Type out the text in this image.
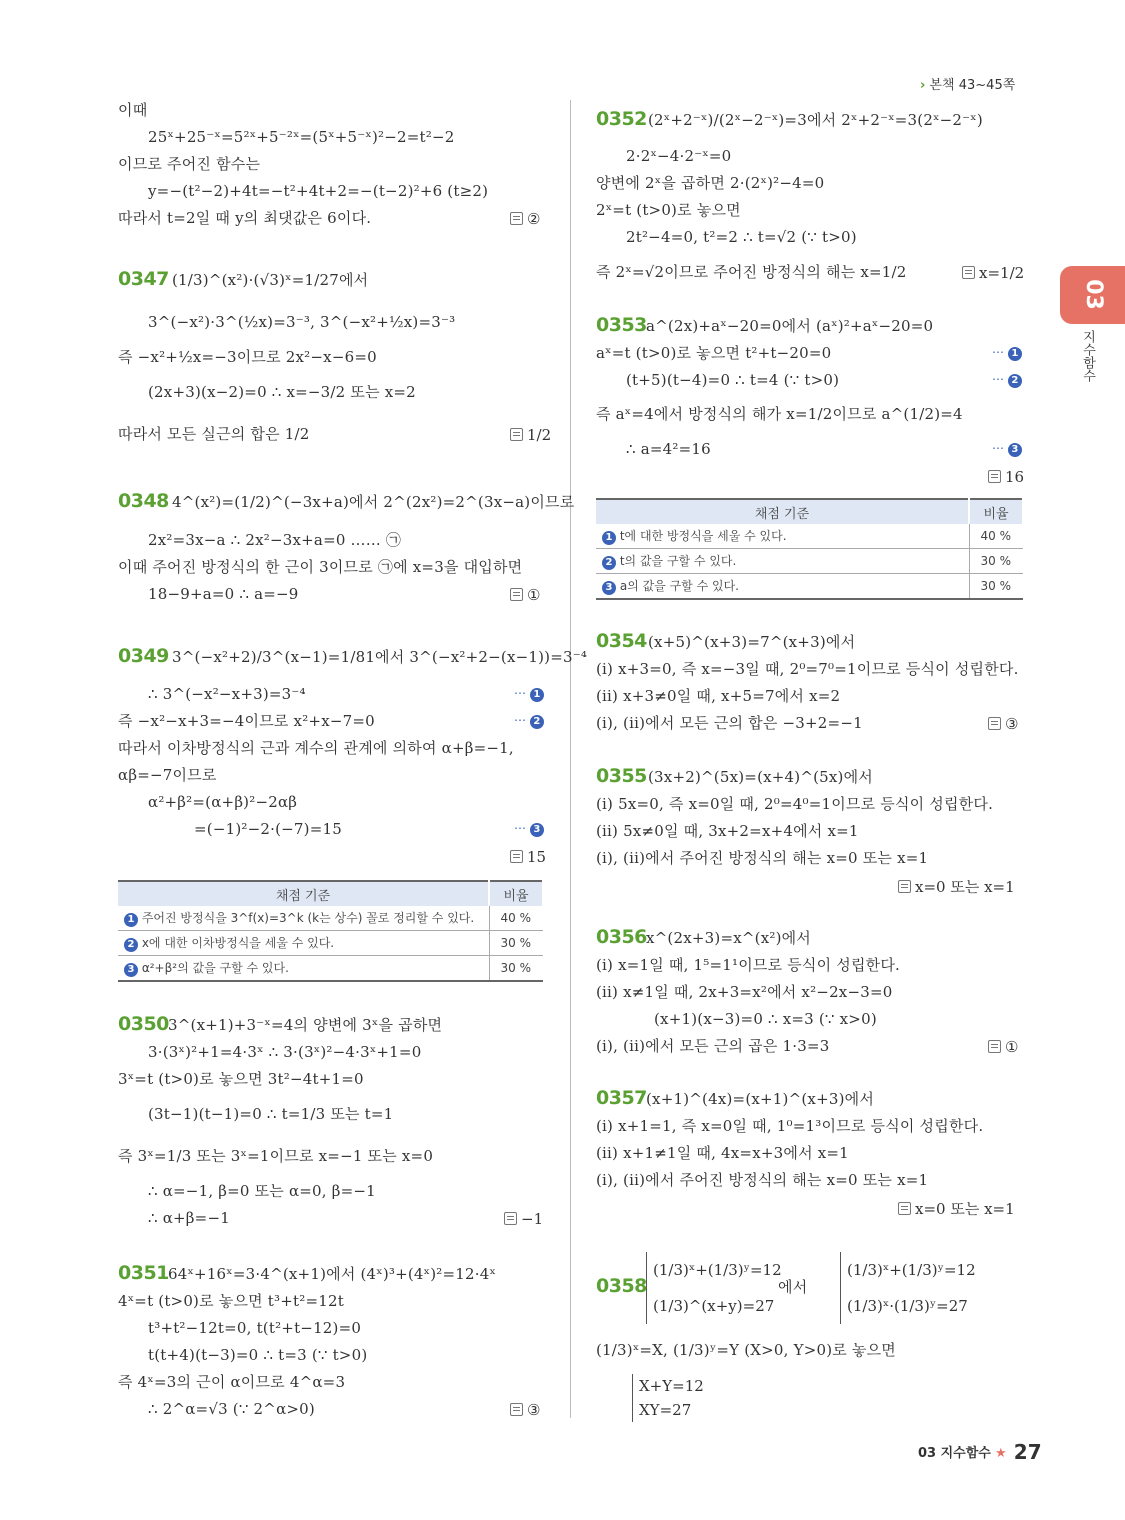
› 본책 43~45쪽
03
지수함수
이때
25ˣ+25⁻ˣ=5²ˣ+5⁻²ˣ=(5ˣ+5⁻ˣ)²−2=t²−2
이므로 주어진 함수는
y=−(t²−2)+4t=−t²+4t+2=−(t−2)²+6 (t≥2)
따라서 t=2일 때 y의 최댓값은 6이다.	②
0347 (1/3)^(x²)·(√3)ˣ=1/27에서
3^(−x²)·3^(½x)=3⁻³, 3^(−x²+½x)=3⁻³
즉 −x²+½x=−3이므로 2x²−x−6=0
(2x+3)(x−2)=0 ∴ x=−3/2 또는 x=2
따라서 모든 실근의 합은 1/2	1/2
0348 4^(x²)=(1/2)^(−3x+a)에서 2^(2x²)=2^(3x−a)이므로
2x²=3x−a ∴ 2x²−3x+a=0 …… ㉠
이때 주어진 방정식의 한 근이 3이므로 ㉠에 x=3을 대입하면
18−9+a=0 ∴ a=−9	①
0349 3^(−x²+2)/3^(x−1)=1/81에서 3^(−x²+2−(x−1))=3⁻⁴
∴ 3^(−x²−x+3)=3⁻⁴	⋯ 1
즉 −x²−x+3=−4이므로 x²+x−7=0	⋯ 2
따라서 이차방정식의 근과 계수의 관계에 의하여 α+β=−1,
αβ=−7이므로
α²+β²=(α+β)²−2αβ
=(−1)²−2·(−7)=15	⋯ 3
15
채점 기준	비율
1 주어진 방정식을 3^f(x)=3^k (k는 상수) 꼴로 정리할 수 있다.	40 %
2 x에 대한 이차방정식을 세울 수 있다.	30 %
3 α²+β²의 값을 구할 수 있다.	30 %
0350 3^(x+1)+3⁻ˣ=4의 양변에 3ˣ을 곱하면
3·(3ˣ)²+1=4·3ˣ ∴ 3·(3ˣ)²−4·3ˣ+1=0
3ˣ=t (t>0)로 놓으면 3t²−4t+1=0
(3t−1)(t−1)=0 ∴ t=1/3 또는 t=1
즉 3ˣ=1/3 또는 3ˣ=1이므로 x=−1 또는 x=0
∴ α=−1, β=0 또는 α=0, β=−1
∴ α+β=−1	−1
0351 64ˣ+16ˣ=3·4^(x+1)에서 (4ˣ)³+(4ˣ)²=12·4ˣ
4ˣ=t (t>0)로 놓으면 t³+t²=12t
t³+t²−12t=0, t(t²+t−12)=0
t(t+4)(t−3)=0 ∴ t=3 (∵ t>0)
즉 4ˣ=3의 근이 α이므로 4^α=3
∴ 2^α=√3 (∵ 2^α>0)	③
0352 (2ˣ+2⁻ˣ)/(2ˣ−2⁻ˣ)=3에서 2ˣ+2⁻ˣ=3(2ˣ−2⁻ˣ)
2·2ˣ−4·2⁻ˣ=0
양변에 2ˣ을 곱하면 2·(2ˣ)²−4=0
2ˣ=t (t>0)로 놓으면
2t²−4=0, t²=2 ∴ t=√2 (∵ t>0)
즉 2ˣ=√2이므로 주어진 방정식의 해는 x=1/2	x=1/2
0353 a^(2x)+aˣ−20=0에서 (aˣ)²+aˣ−20=0
aˣ=t (t>0)로 놓으면 t²+t−20=0	⋯ 1
(t+5)(t−4)=0 ∴ t=4 (∵ t>0)	⋯ 2
즉 aˣ=4에서 방정식의 해가 x=1/2이므로 a^(1/2)=4
∴ a=4²=16	⋯ 3
16
채점 기준	비율
1 t에 대한 방정식을 세울 수 있다.	40 %
2 t의 값을 구할 수 있다.	30 %
3 a의 값을 구할 수 있다.	30 %
0354 (x+5)^(x+3)=7^(x+3)에서
(i) x+3=0, 즉 x=−3일 때, 2⁰=7⁰=1이므로 등식이 성립한다.
(ii) x+3≠0일 때, x+5=7에서 x=2
(i), (ii)에서 모든 근의 합은 −3+2=−1	③
0355 (3x+2)^(5x)=(x+4)^(5x)에서
(i) 5x=0, 즉 x=0일 때, 2⁰=4⁰=1이므로 등식이 성립한다.
(ii) 5x≠0일 때, 3x+2=x+4에서 x=1
(i), (ii)에서 주어진 방정식의 해는 x=0 또는 x=1
x=0 또는 x=1
0356 x^(2x+3)=x^(x²)에서
(i) x=1일 때, 1⁵=1¹이므로 등식이 성립한다.
(ii) x≠1일 때, 2x+3=x²에서 x²−2x−3=0
(x+1)(x−3)=0 ∴ x=3 (∵ x>0)
(i), (ii)에서 모든 근의 곱은 1·3=3	①
0357 (x+1)^(4x)=(x+1)^(x+3)에서
(i) x+1=1, 즉 x=0일 때, 1⁰=1³이므로 등식이 성립한다.
(ii) x+1≠1일 때, 4x=x+3에서 x=1
(i), (ii)에서 주어진 방정식의 해는 x=0 또는 x=1
x=0 또는 x=1
0358
(1/3)ˣ+(1/3)ʸ=12
(1/3)^(x+y)=27
에서
(1/3)ˣ+(1/3)ʸ=12
(1/3)ˣ·(1/3)ʸ=27
(1/3)ˣ=X, (1/3)ʸ=Y (X>0, Y>0)로 놓으면
X+Y=12
XY=27
03 지수함수 ★ 27
